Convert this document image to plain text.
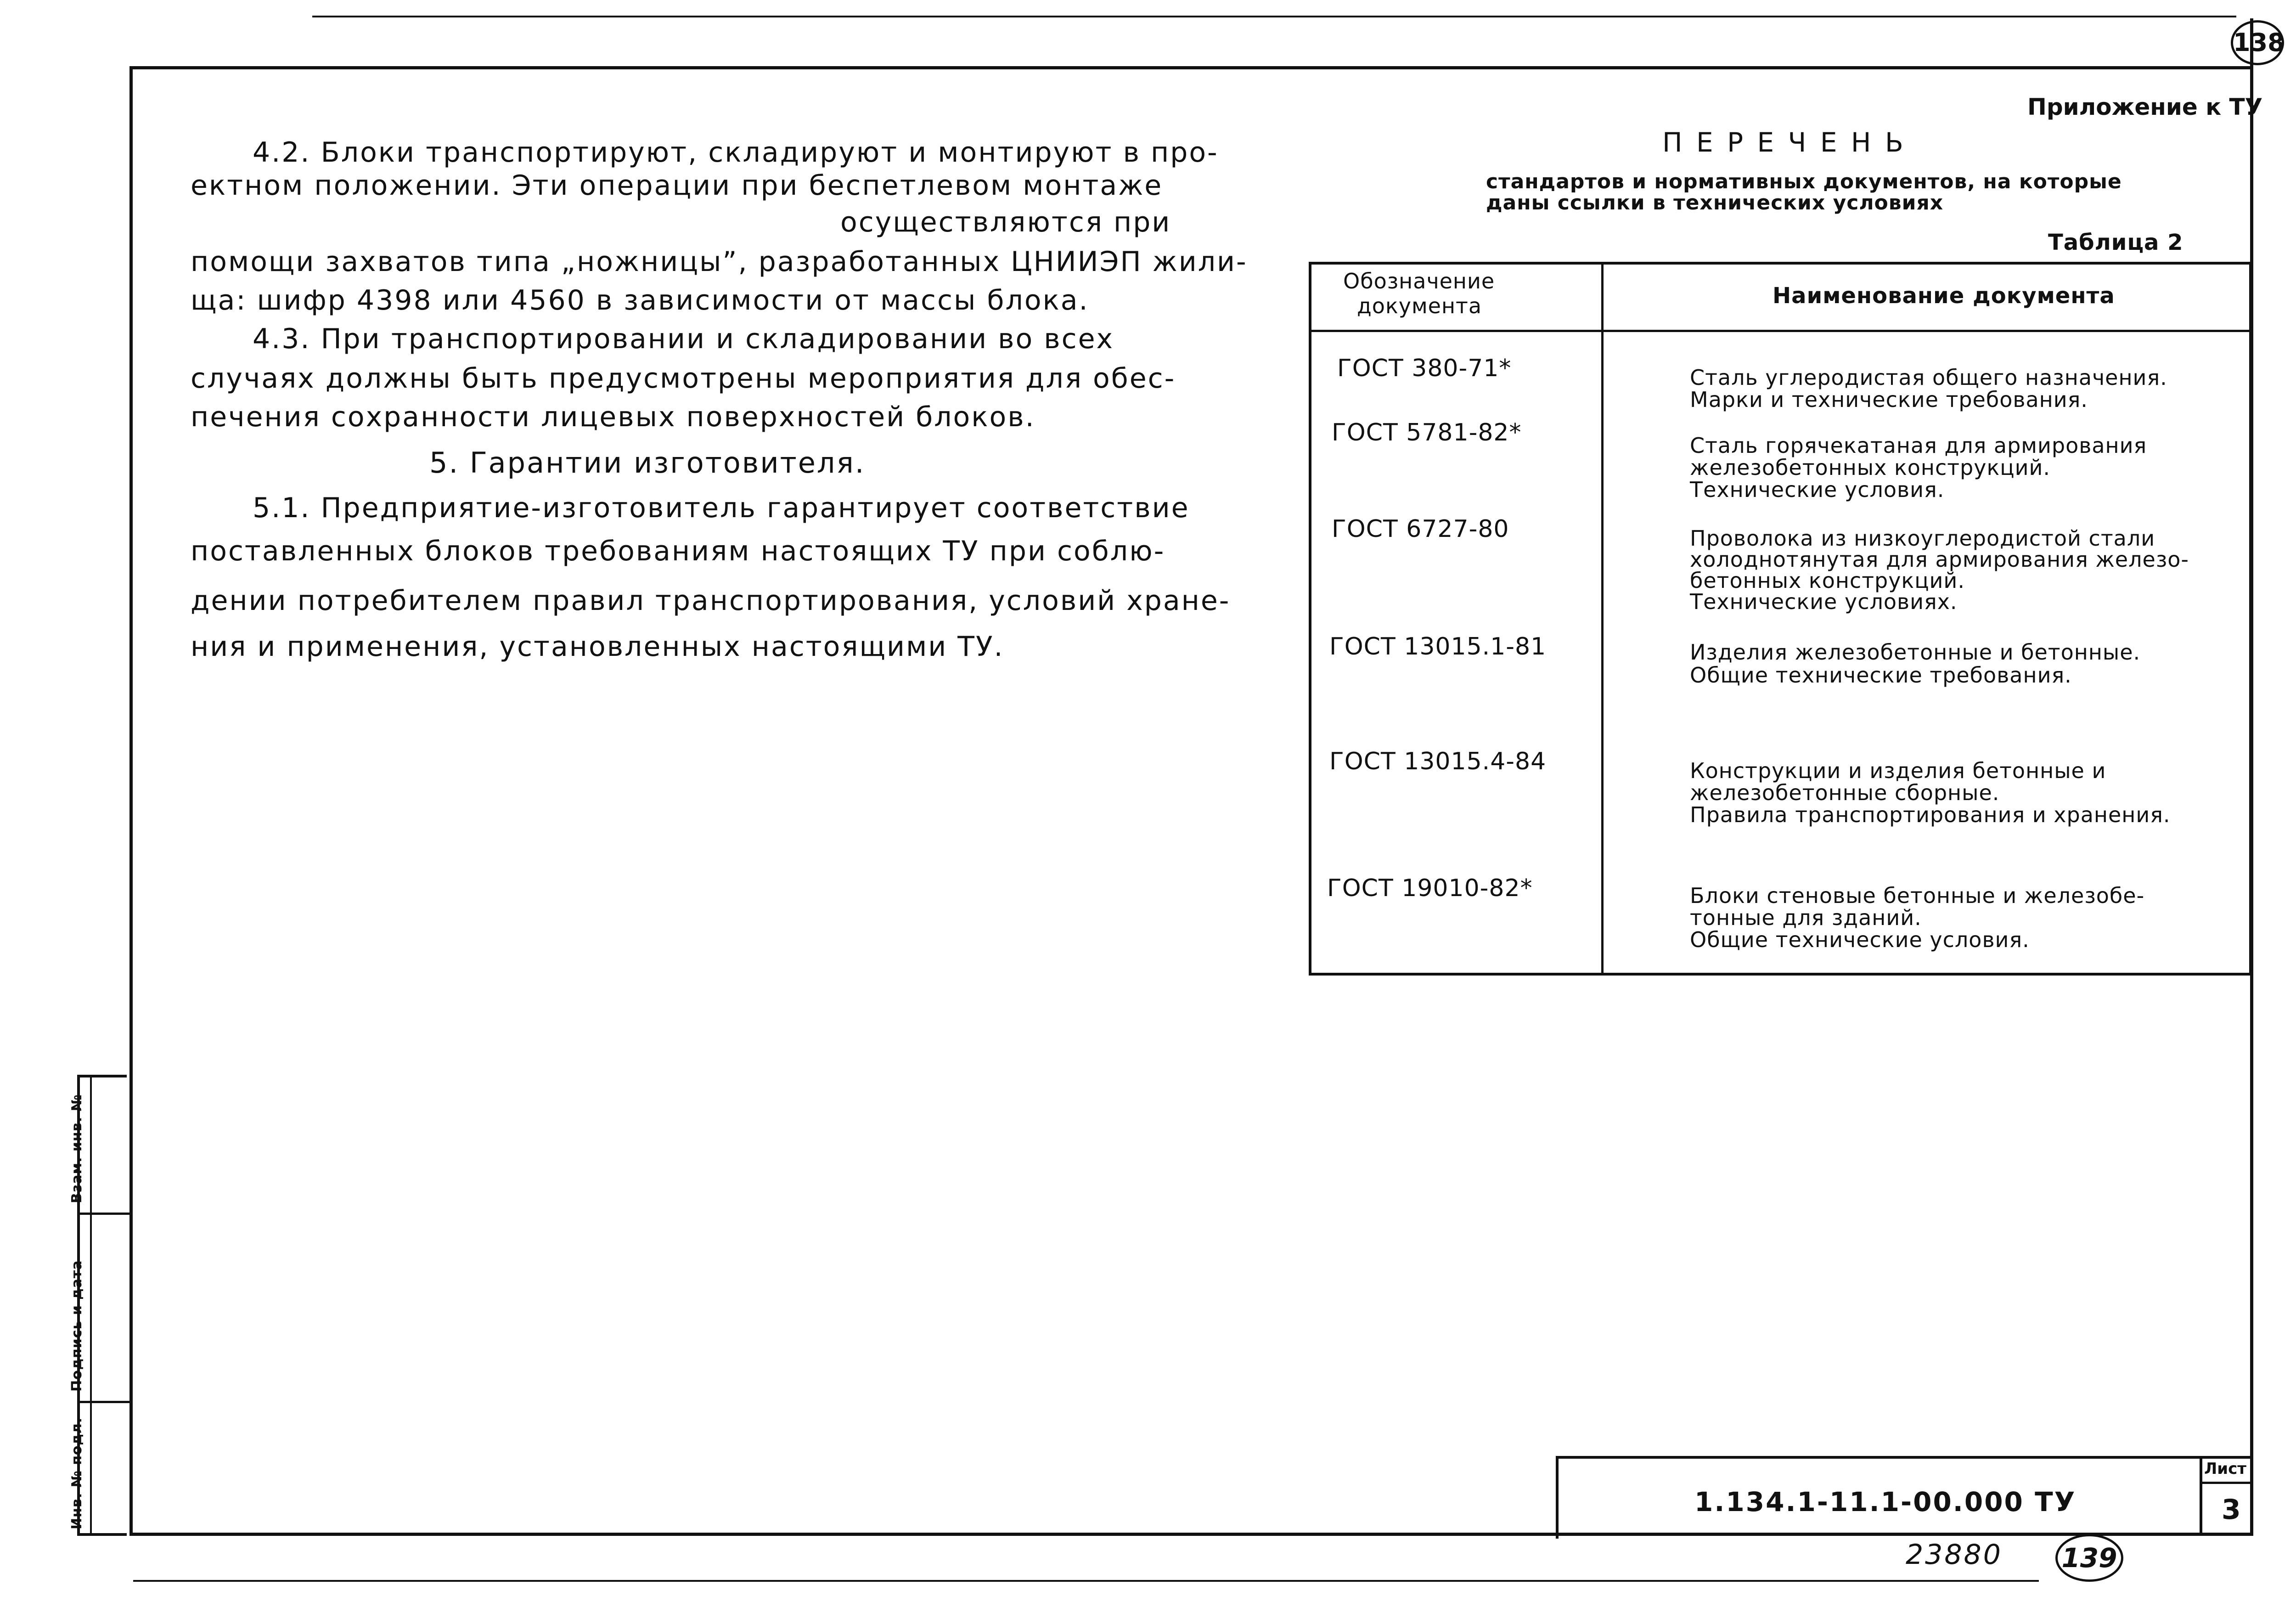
138
4.2. Блоки транспортируют, складируют и монтируют в про-
ектном положении. Эти операции при беспетлевом монтаже
осуществляются при
помощи захватов типа „ножницы”, разработанных ЦНИИЭП жили-
ща: шифр 4398 или 4560 в зависимости от массы блока.
4.3. При транспортировании и складировании во всех
случаях должны быть предусмотрены мероприятия для обес-
печения сохранности лицевых поверхностей блоков.
5. Гарантии изготовителя.
5.1. Предприятие-изготовитель гарантирует соответствие
поставленных блоков требованиям настоящих ТУ при соблю-
дении потребителем правил транспортирования, условий хране-
ния и применения, установленных настоящими ТУ.
Приложение к ТУ
П Е Р Е Ч Е Н Ь
стандартов и нормативных документов, на которые
даны ссылки в технических условиях
Таблица 2
Обозначение
документа	Наименование документа
ГОСТ 380-71*	Сталь углеродистая общего назначения.
Марки и технические требования.
ГОСТ 5781-82*	Сталь горячекатаная для армирования
железобетонных конструкций.
Технические условия.
ГОСТ 6727-80	Проволока из низкоуглеродистой стали
холоднотянутая для армирования железо-
бетонных конструкций.
Технические условиях.
ГОСТ 13015.1-81	Изделия железобетонные и бетонные.
Общие технические требования.
ГОСТ 13015.4-84	Конструкции и изделия бетонные и
железобетонные сборные.
Правила транспортирования и хранения.
ГОСТ 19010-82*	Блоки стеновые бетонные и железобе-
тонные для зданий.
Общие технические условия.
Взам. инв. №
Подпись и дата
Инв. № подл.	1.134.1-11.1-00.000 ТУ
Лист
3
23880 139
